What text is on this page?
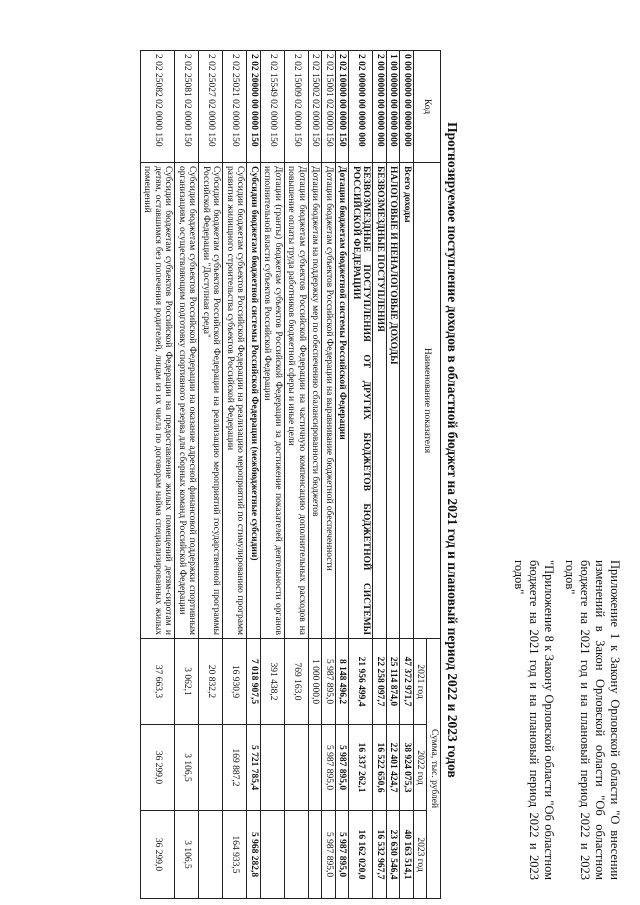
Приложение 1 к Закону Орловской области "О внесении изменений в Закон Орловской области "Об областном бюджете на 2021 год и на плановый период 2022 и 2023 годов"

"Приложение 8 к Закону Орловской области "Об областном бюджете на 2021 год и на плановый период 2022 и 2023 годов"

Прогнозируемое поступление доходов в областной бюджет на 2021 год и плановый период 2022 и 2023 годов
Код	Наименование показателя	Сумма, тыс. рублей		
		2021 год	2022 год	2023 год
0 00 00000 00 0000 000	Всего доходы	47 372 971,7	38 924 075,3	40 163 514,1
1 00 00000 00 0000 000	НАЛОГОВЫЕ И НЕНАЛОГОВЫЕ ДОХОДЫ	25 114 874,0	22 401 424,7	23 630 546,4
2 00 00000 00 0000 000	БЕЗВОЗМЕЗДНЫЕ ПОСТУПЛЕНИЯ	22 258 097,7	16 522 650,6	16 532 967,7
2 02 00000 00 0000 000	БЕЗВОЗМЕЗДНЫЕ ПОСТУПЛЕНИЯ ОТ ДРУГИХ БЮДЖЕТОВ БЮДЖЕТНОЙ СИСТЕМЫ РОССИЙСКОЙ ФЕДЕРАЦИИ	21 956 499,4	16 337 262,1	16 162 020,0
2 02 10000 00 0000 150	Дотации бюджетам бюджетной системы Российской Федерации	8 148 496,2	5 987 895,0	5 987 895,0
2 02 15001 02 0000 150	Дотации бюджетам субъектов Российской Федерации на выравнивание бюджетной обеспеченности	5 987 895,0	5 987 895,0	5 987 895,0
2 02 15002 02 0000 150	Дотации бюджетам на поддержку мер по обеспечению сбалансированности бюджетов	1 000 000,0		
2 02 15009 02 0000 150	Дотации бюджетам субъектов Российской Федерации на частичную компенсацию дополнительных расходов на повышение оплаты труда работников бюджетной сферы и иные цели	769 163,0		
2 02 15549 02 0000 150	Дотации (гранты) бюджетам субъектов Российской Федерации за достижение показателей деятельности органов исполнительной власти субъектов Российской Федерации	391 438,2		
2 02 20000 00 0000 150	Субсидии бюджетам бюджетной системы Российской Федерации (межбюджетные субсидии)	7 018 907,5	5 721 785,4	5 968 282,8
2 02 25021 02 0000 150	Субсидии бюджетам субъектов Российской Федерации на реализацию мероприятий по стимулированию программ развития жилищного строительства субъектов Российской Федерации	16 930,9	169 887,2	164 933,5
2 02 25027 02 0000 150	Субсидии бюджетам субъектов Российской Федерации на реализацию мероприятий государственной программы Российской Федерации "Доступная среда"	20 832,2		
2 02 25081 02 0000 150	Субсидии бюджетам субъектов Российской Федерации на оказание адресной финансовой поддержки спортивным организациям, осуществляющим подготовку спортивного резерва для сборных команд Российской Федерации	3 062,1	3 106,5	3 106,5
2 02 25082 02 0000 150	Субсидии бюджетам субъектов Российской Федерации на предоставление жилых помещений детям-сиротам и детям, оставшимся без попечения родителей, лицам из их числа по договорам найма специализированных жилых помещений	37 663,3	36 299,0	36 299,0
